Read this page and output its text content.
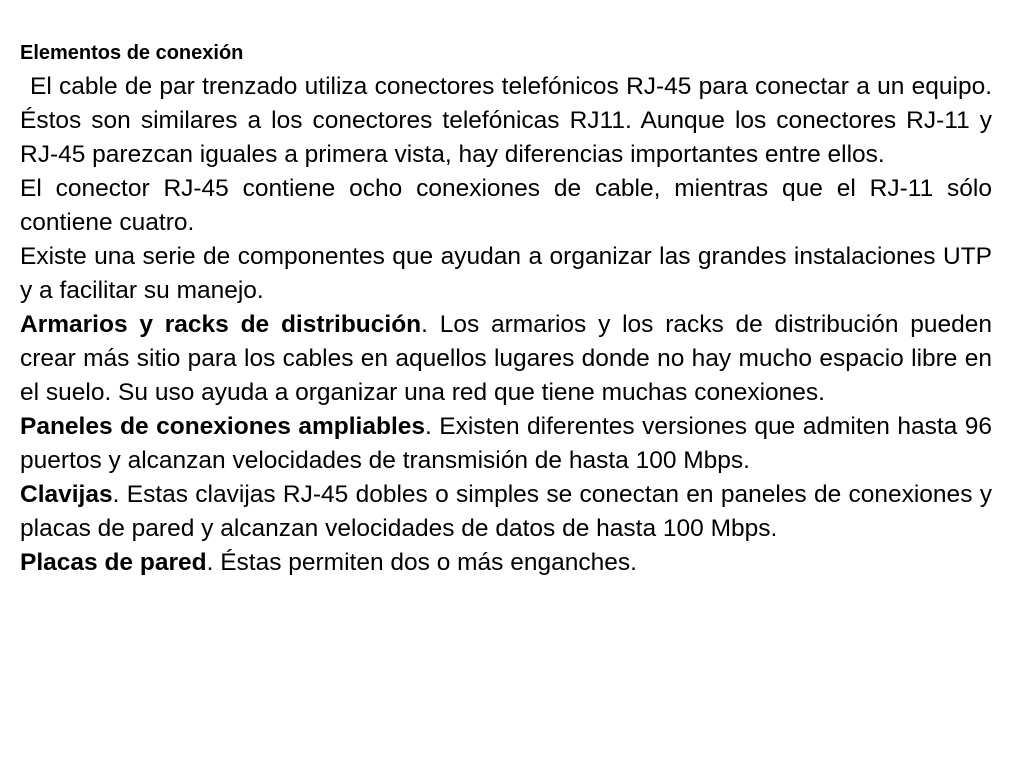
Elementos de conexión

El cable de par trenzado utiliza conectores telefónicos RJ-45 para conectar a un equipo. Éstos son similares a los conectores telefónicas RJ11. Aunque los conectores RJ-11 y RJ-45 parezcan iguales a primera vista, hay diferencias importantes entre ellos.

El conector RJ-45 contiene ocho conexiones de cable, mientras que el RJ-11 sólo contiene cuatro.

Existe una serie de componentes que ayudan a organizar las grandes instalaciones UTP y a facilitar su manejo.

Armarios y racks de distribución. Los armarios y los racks de distribución pueden crear más sitio para los cables en aquellos lugares donde no hay mucho espacio libre en el suelo. Su uso ayuda a organizar una red que tiene muchas conexiones.

Paneles de conexiones ampliables. Existen diferentes versiones que admiten hasta 96 puertos y alcanzan velocidades de transmisión de hasta 100 Mbps.

Clavijas. Estas clavijas RJ-45 dobles o simples se conectan en paneles de conexiones y placas de pared y alcanzan velocidades de datos de hasta 100 Mbps.

Placas de pared. Éstas permiten dos o más enganches.
